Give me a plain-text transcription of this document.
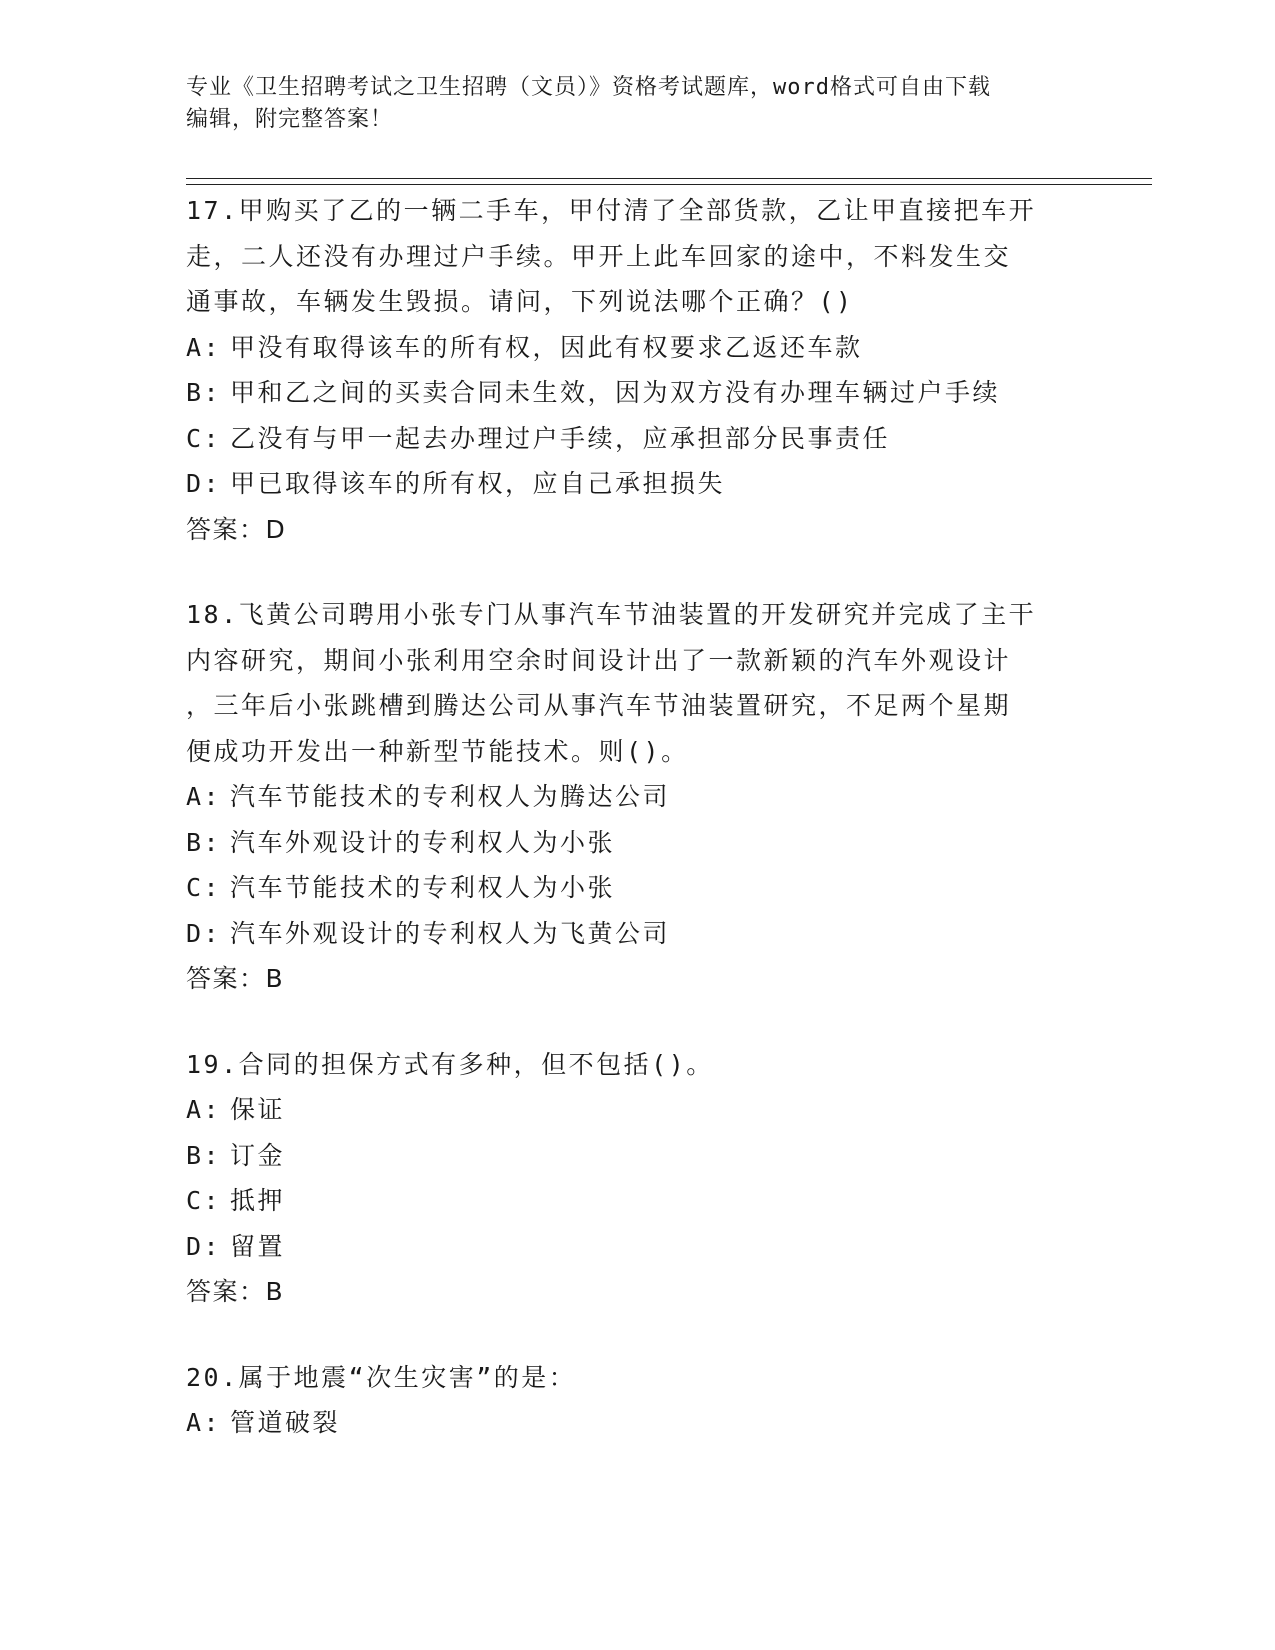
专业《卫生招聘考试之卫生招聘（文员）》资格考试题库，word格式可自由下载
编辑，附完整答案！
17.甲购买了乙的一辆二手车，甲付清了全部货款，乙让甲直接把车开
走，二人还没有办理过户手续。甲开上此车回家的途中，不料发生交
通事故，车辆发生毁损。请问，下列说法哪个正确？()
A: 甲没有取得该车的所有权，因此有权要求乙返还车款
B: 甲和乙之间的买卖合同未生效，因为双方没有办理车辆过户手续
C: 乙没有与甲一起去办理过户手续，应承担部分民事责任
D: 甲已取得该车的所有权，应自己承担损失
答案：D
18.飞黄公司聘用小张专门从事汽车节油装置的开发研究并完成了主干
内容研究，期间小张利用空余时间设计出了一款新颖的汽车外观设计
，三年后小张跳槽到腾达公司从事汽车节油装置研究，不足两个星期
便成功开发出一种新型节能技术。则()。
A: 汽车节能技术的专利权人为腾达公司
B: 汽车外观设计的专利权人为小张
C: 汽车节能技术的专利权人为小张
D: 汽车外观设计的专利权人为飞黄公司
答案：B
19.合同的担保方式有多种，但不包括()。
A: 保证
B: 订金
C: 抵押
D: 留置
答案：B
20.属于地震“次生灾害”的是：
A: 管道破裂
